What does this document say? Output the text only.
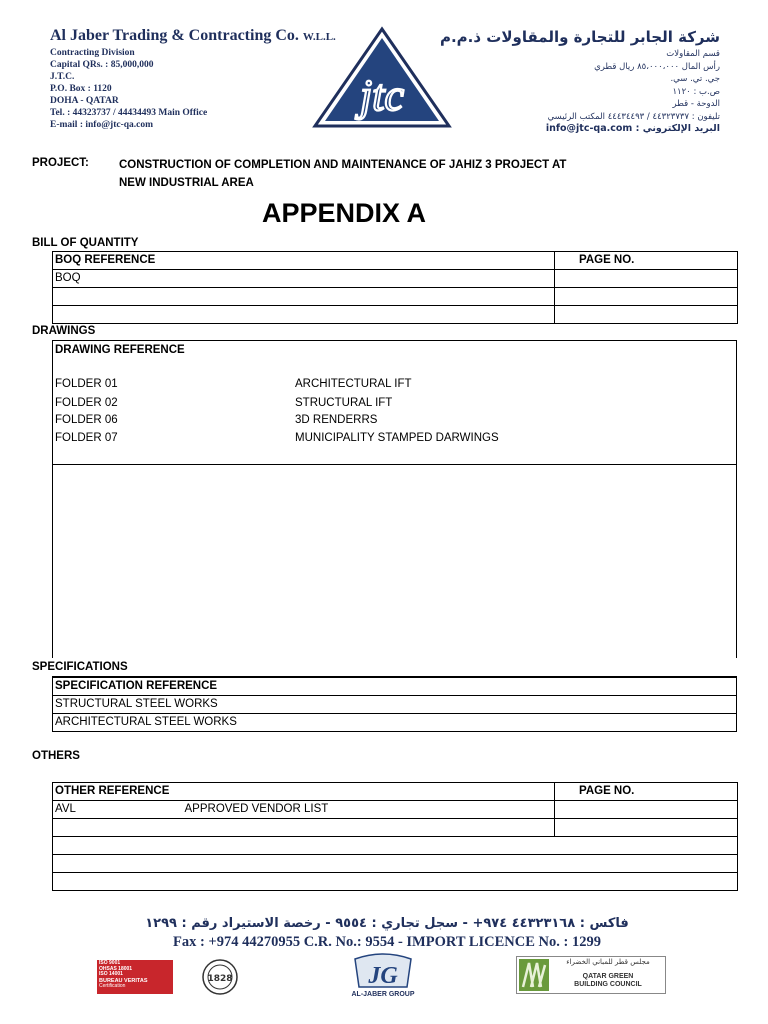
Al Jaber Trading & Contracting Co. W.L.L.
Contracting Division
Capital QRs. : 85,000,000
J.T.C.
P.O. Box : 1120
DOHA - QATAR
Tel. : 44323737 / 44434493 Main Office
E-mail : info@jtc-qa.com
jtc
شركة الجابر للتجارة والمقاولات ذ.م.م
قسم المقاولات
رأس المال ٨٥،٠٠٠،٠٠٠ ريال قطري
جي. تي. سي.
ص.ب : ١١٢٠
الدوحة - قطر
تليفون : ٤٤٣٢٣٧٣٧ / ٤٤٤٣٤٤٩٣ المكتب الرئيسي
info@jtc-qa.com : البريد الإلكتروني
PROJECT:	CONSTRUCTION OF COMPLETION AND MAINTENANCE OF JAHIZ 3 PROJECT AT
NEW INDUSTRIAL AREA
APPENDIX A
BILL OF QUANTITY
BOQ REFERENCE	PAGE NO.
BOQ	

DRAWINGS
DRAWING REFERENCE
FOLDER 01	ARCHITECTURAL IFT
FOLDER 02	STRUCTURAL IFT
FOLDER 06	3D RENDERRS
FOLDER 07	MUNICIPALITY STAMPED DARWINGS
SPECIFICATIONS
SPECIFICATION REFERENCE
STRUCTURAL STEEL WORKS
ARCHITECTURAL STEEL WORKS
OTHERS
OTHER REFERENCE		PAGE NO.
AVL	APPROVED VENDOR LIST	

فاكس : ٤٤٣٢٣١٦٨ ٩٧٤+ - سجل تجاري : ٩٥٥٤ - رخصة الاستيراد رقم : ١٢٩٩
Fax : +974 44270955 C.R. No.: 9554 - IMPORT LICENCE No. : 1299
ISO 9001
OHSAS 18001
ISO 14001
BUREAU VERITAS
Certification
1828	JG
AL-JABER GROUP
مجلس قطر للمباني الخضراء
QATAR GREEN
BUILDING COUNCIL
